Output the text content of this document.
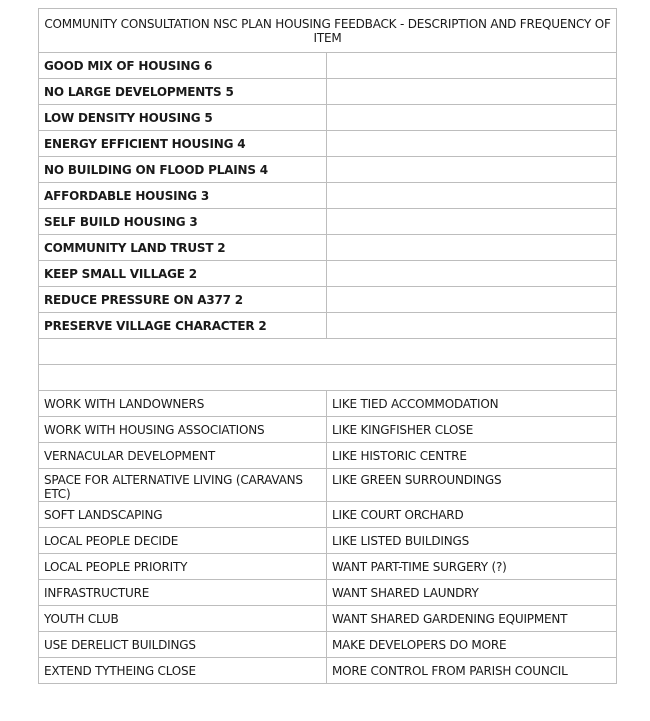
COMMUNITY CONSULTATION NSC PLAN HOUSING FEEDBACK - DESCRIPTION AND FREQUENCY OF ITEM	
GOOD MIX OF HOUSING 6	
NO LARGE DEVELOPMENTS 5	
LOW DENSITY HOUSING 5	
ENERGY EFFICIENT HOUSING 4	
NO BUILDING ON FLOOD PLAINS 4	
AFFORDABLE HOUSING 3	
SELF BUILD HOUSING 3	
COMMUNITY LAND TRUST 2	
KEEP SMALL VILLAGE 2	
REDUCE PRESSURE ON A377 2	
PRESERVE VILLAGE CHARACTER 2	

WORK WITH LANDOWNERS	LIKE TIED ACCOMMODATION
WORK WITH HOUSING ASSOCIATIONS	LIKE KINGFISHER CLOSE
VERNACULAR DEVELOPMENT	LIKE HISTORIC CENTRE
SPACE FOR ALTERNATIVE LIVING (CARAVANS ETC)	LIKE GREEN SURROUNDINGS
SOFT LANDSCAPING	LIKE COURT ORCHARD
LOCAL PEOPLE DECIDE	LIKE LISTED BUILDINGS
LOCAL PEOPLE PRIORITY	WANT PART-TIME SURGERY (?)
INFRASTRUCTURE	WANT SHARED LAUNDRY
YOUTH CLUB	WANT SHARED GARDENING EQUIPMENT
USE DERELICT BUILDINGS	MAKE DEVELOPERS DO MORE
EXTEND TYTHEING CLOSE	MORE CONTROL FROM PARISH COUNCIL
